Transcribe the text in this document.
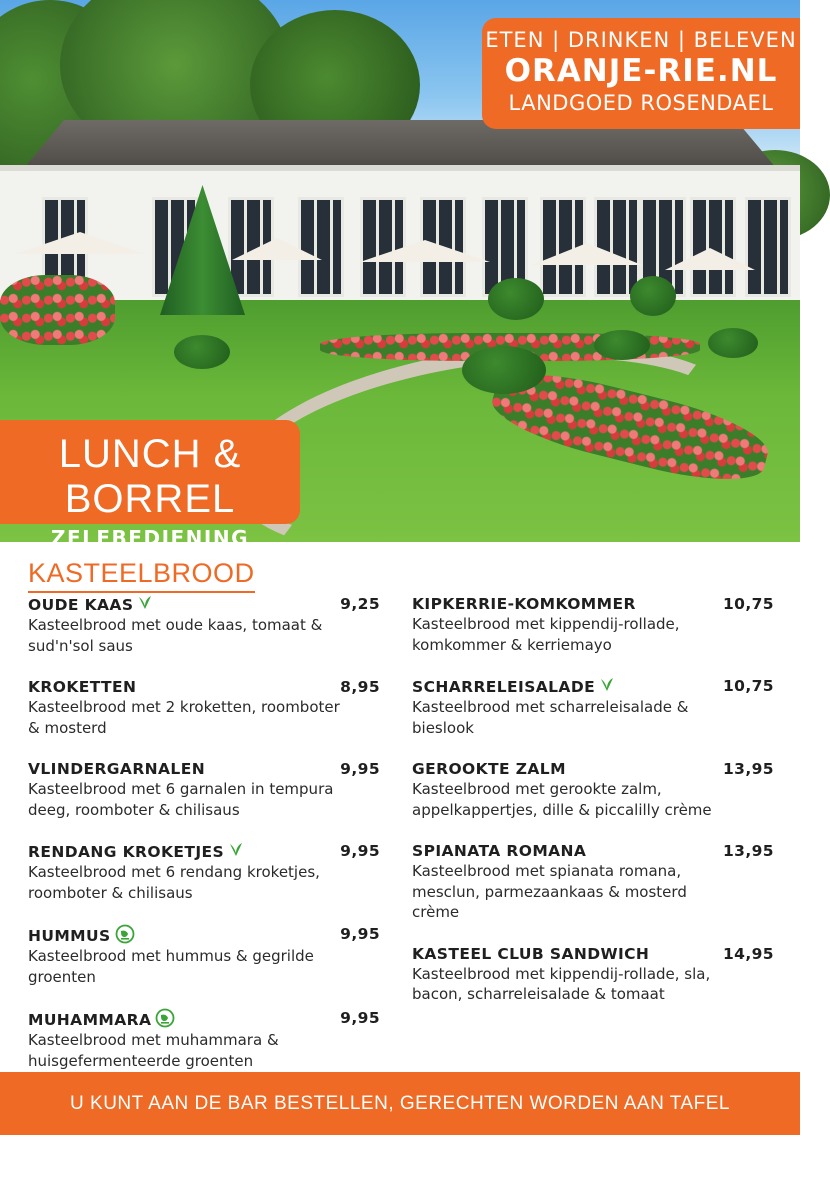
ETEN | DRINKEN | BELEVEN
ORANJE-RIE.NL
LANDGOED ROSENDAEL
LUNCH & BORREL
ZELFBEDIENING
KASTEELBROOD
OUDE KAAS	9,25
Kasteelbrood met oude kaas, tomaat & sud'n'sol saus
KROKETTEN	8,95
Kasteelbrood met 2 kroketten, roomboter & mosterd
VLINDERGARNALEN	9,95
Kasteelbrood met 6 garnalen in tempura deeg, roomboter & chilisaus
RENDANG KROKETJES	9,95
Kasteelbrood met 6 rendang kroketjes, roomboter & chilisaus
HUMMUS	9,95
Kasteelbrood met hummus & gegrilde groenten
MUHAMMARA	9,95
Kasteelbrood met muhammara & huisgefermenteerde groenten
KIPKERRIE-KOMKOMMER	10,75
Kasteelbrood met kippendij-rollade, komkommer & kerriemayo
SCHARRELEISALADE	10,75
Kasteelbrood met scharreleisalade & bieslook
GEROOKTE ZALM	13,95
Kasteelbrood met gerookte zalm, appelkappertjes, dille & piccalilly crème
SPIANATA ROMANA	13,95
Kasteelbrood met spianata romana, mesclun, parmezaankaas & mosterd crème
KASTEEL CLUB SANDWICH	14,95
Kasteelbrood met kippendij-rollade, sla, bacon, scharreleisalade & tomaat
U KUNT AAN DE BAR BESTELLEN, GERECHTEN WORDEN AAN TAFEL GESERVEERD
